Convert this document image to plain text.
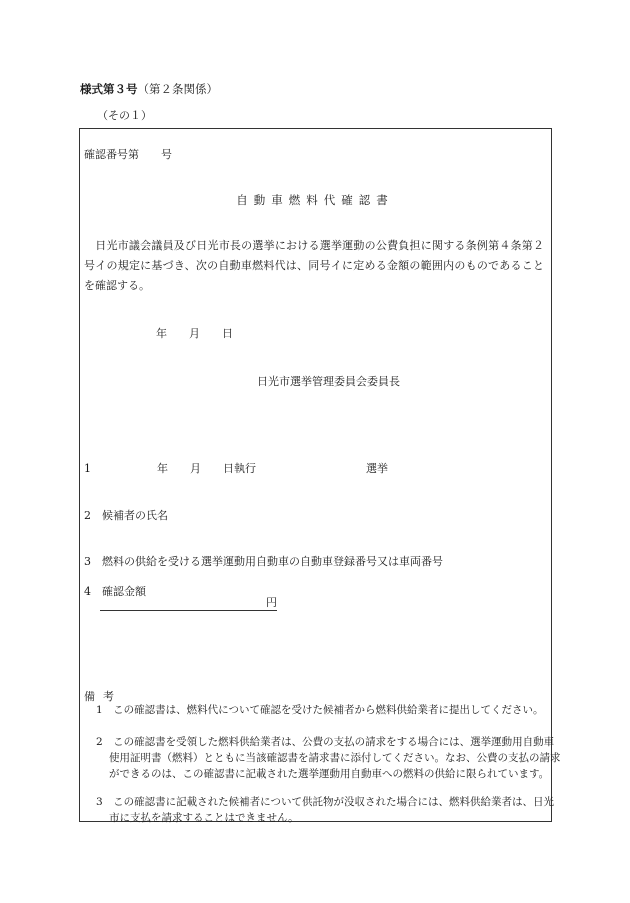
様式第３号（第２条関係）
（その１）
確認番号第　　号
自動車燃料代確認書
　日光市議会議員及び日光市長の選挙における選挙運動の公費負担に関する条例第４条第２号イの規定に基づき、次の自動車燃料代は、同号イに定める金額の範囲内のものであることを確認する。
年　　月　　日
日光市選挙管理委員会委員長
1　　　　　　年　　月　　日執行　　　　　　　　　　選挙
2　候補者の氏名
3　燃料の供給を受ける選挙運動用自動車の自動車登録番号又は車両番号
4　確認金額
円
備考
1　この確認書は、燃料代について確認を受けた候補者から燃料供給業者に提出してください。
2　この確認書を受領した燃料供給業者は、公費の支払の請求をする場合には、選挙運動用自動車使用証明書（燃料）とともに当該確認書を請求書に添付してください。なお、公費の支払の請求ができるのは、この確認書に記載された選挙運動用自動車への燃料の供給に限られています。
3　この確認書に記載された候補者について供託物が没収された場合には、燃料供給業者は、日光市に支払を請求することはできません。
